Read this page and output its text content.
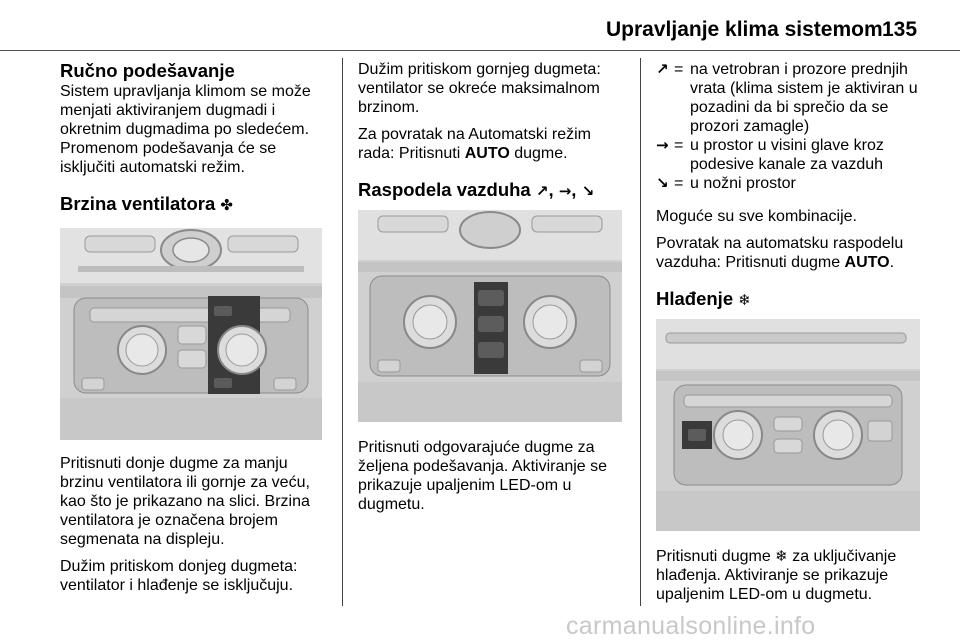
Upravljanje klima sistemom 135
Ručno podešavanje

Sistem upravljanja klimom se može menjati aktiviranjem dugmadi i okretnim dugmadima po sledećem. Promenom podešavanja će se isključiti automatski režim.

Brzina ventilatora ✤

Pritisnuti donje dugme za manju brzinu ventilatora ili gornje za veću, kao što je prikazano na slici. Brzina ventilatora je označena brojem segmenata na displeju.

Dužim pritiskom donjeg dugmeta: ventilator i hlađenje se isključuju.

Dužim pritiskom gornjeg dugmeta: ventilator se okreće maksimalnom brzinom.

Za povratak na Automatski režim rada: Pritisnuti AUTO dugme.

Raspodela vazduha ↗, →, ↘

Pritisnuti odgovarajuće dugme za željena podešavanja. Aktiviranje se prikazuje upaljenim LED-om u dugmetu.

↗ = na vetrobran i prozore prednjih vrata (klima sistem je aktiviran u pozadini da bi sprečio da se prozori zamagle)
→ = u prostor u visini glave kroz podesive kanale za vazduh
↘ = u nožni prostor

Moguće su sve kombinacije.

Povratak na automatsku raspodelu vazduha: Pritisnuti dugme AUTO.

Hlađenje ❄

Pritisnuti dugme ❄ za uključivanje hlađenja. Aktiviranje se prikazuje upaljenim LED-om u dugmetu.

carmanualsonline.info
